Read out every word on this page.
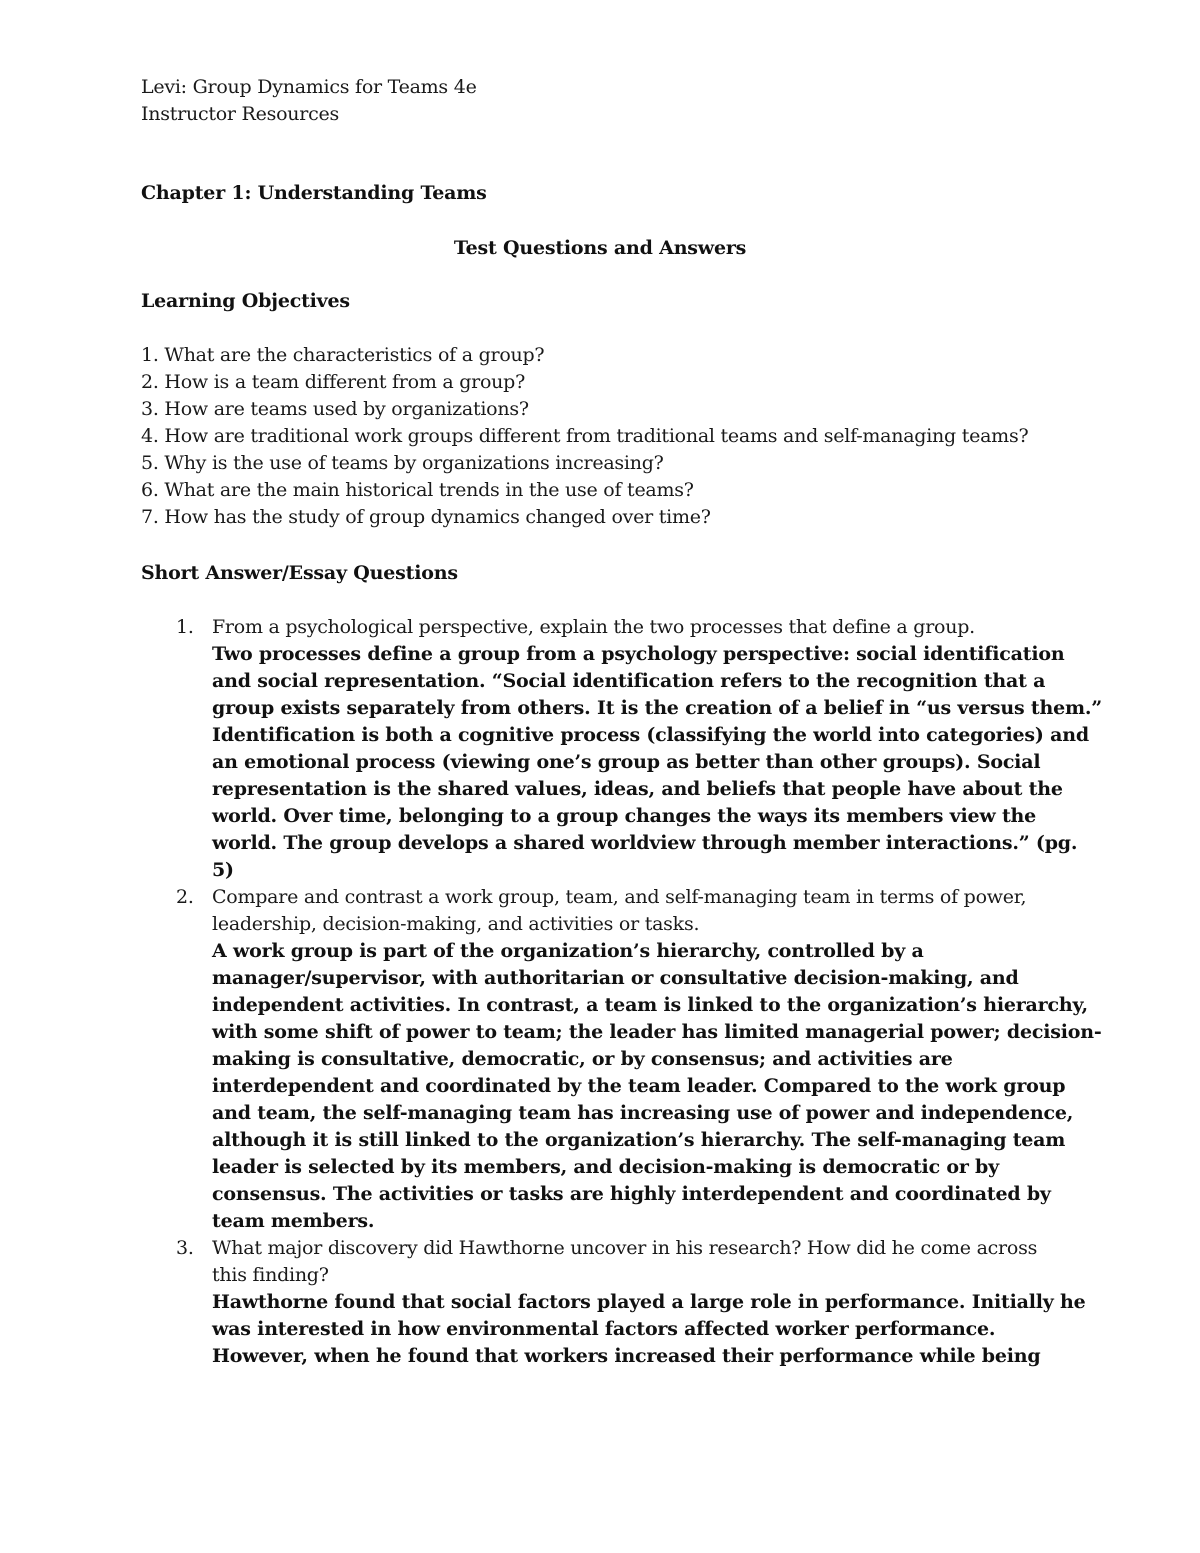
Levi: Group Dynamics for Teams 4e
Instructor Resources
Chapter 1: Understanding Teams
Test Questions and Answers
Learning Objectives
1. What are the characteristics of a group?
2. How is a team different from a group?
3. How are teams used by organizations?
4. How are traditional work groups different from traditional teams and self-managing teams?
5. Why is the use of teams by organizations increasing?
6. What are the main historical trends in the use of teams?
7. How has the study of group dynamics changed over time?
Short Answer/Essay Questions
1. From a psychological perspective, explain the two processes that define a group.
Two processes define a group from a psychology perspective: social identification
and social representation. “Social identification refers to the recognition that a
group exists separately from others. It is the creation of a belief in “us versus them.”
Identification is both a cognitive process (classifying the world into categories) and
an emotional process (viewing one’s group as better than other groups). Social
representation is the shared values, ideas, and beliefs that people have about the
world. Over time, belonging to a group changes the ways its members view the
world. The group develops a shared worldview through member interactions.” (pg.
5)
2. Compare and contrast a work group, team, and self-managing team in terms of power,
leadership, decision-making, and activities or tasks.
A work group is part of the organization’s hierarchy, controlled by a
manager/supervisor, with authoritarian or consultative decision-making, and
independent activities. In contrast, a team is linked to the organization’s hierarchy,
with some shift of power to team; the leader has limited managerial power; decision-
making is consultative, democratic, or by consensus; and activities are
interdependent and coordinated by the team leader. Compared to the work group
and team, the self-managing team has increasing use of power and independence,
although it is still linked to the organization’s hierarchy. The self-managing team
leader is selected by its members, and decision-making is democratic or by
consensus. The activities or tasks are highly interdependent and coordinated by
team members.
3. What major discovery did Hawthorne uncover in his research? How did he come across
this finding?
Hawthorne found that social factors played a large role in performance. Initially he
was interested in how environmental factors affected worker performance.
However, when he found that workers increased their performance while being
